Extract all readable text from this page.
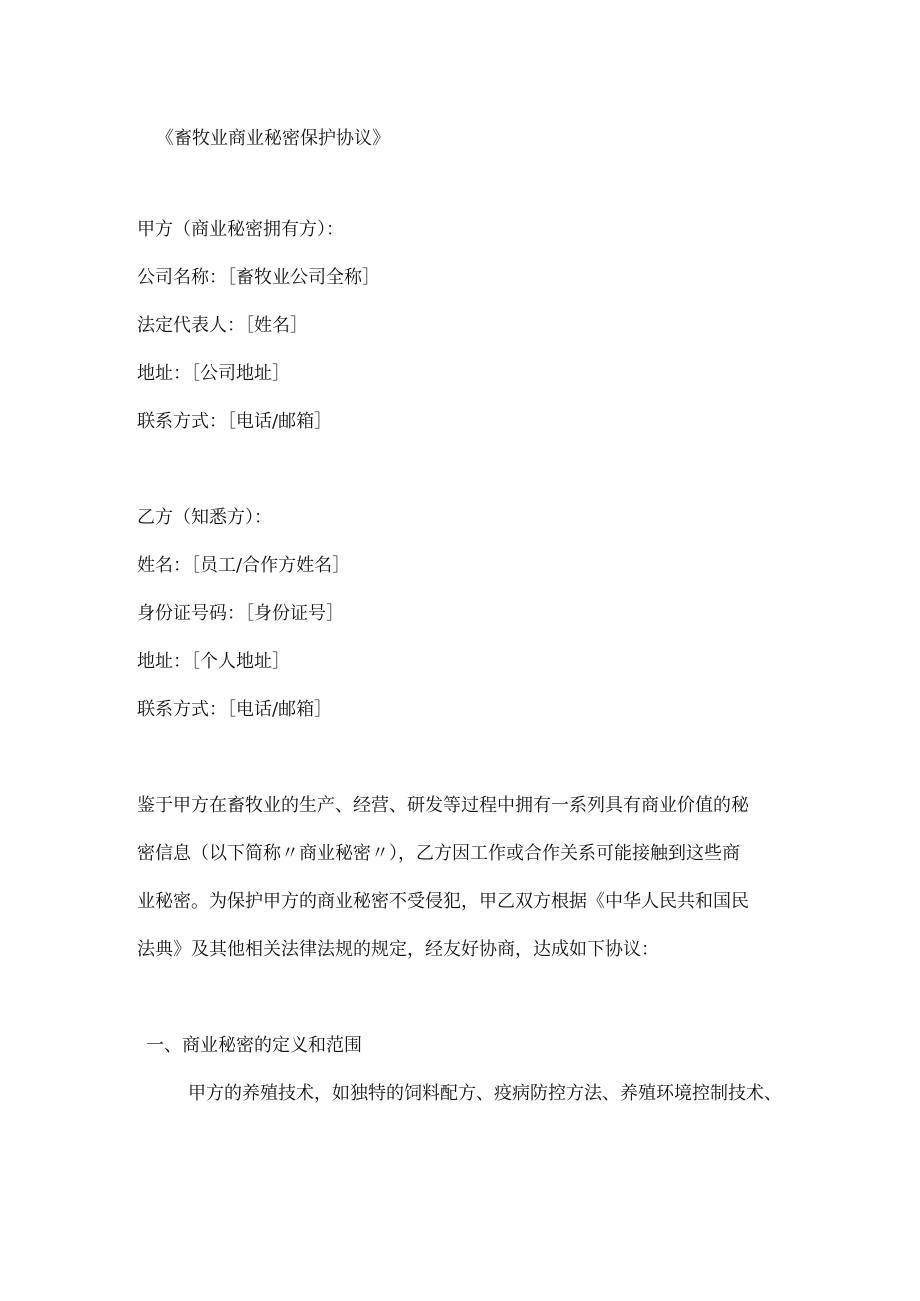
《畜牧业商业秘密保护协议》
甲方（商业秘密拥有方）：
公司名称：［畜牧业公司全称］
法定代表人：［姓名］
地址：［公司地址］
联系方式：［电话/邮箱］
乙方（知悉方）：
姓名：［员工/合作方姓名］
身份证号码：［身份证号］
地址：［个人地址］
联系方式：［电话/邮箱］
鉴于甲方在畜牧业的生产、经营、研发等过程中拥有一系列具有商业价值的秘
密信息（以下简称〃商业秘密〃），乙方因工作或合作关系可能接触到这些商
业秘密。为保护甲方的商业秘密不受侵犯，甲乙双方根据《中华人民共和国民
法典》及其他相关法律法规的规定，经友好协商，达成如下协议：
一、商业秘密的定义和范围
甲方的养殖技术，如独特的饲料配方、疫病防控方法、养殖环境控制技术、
